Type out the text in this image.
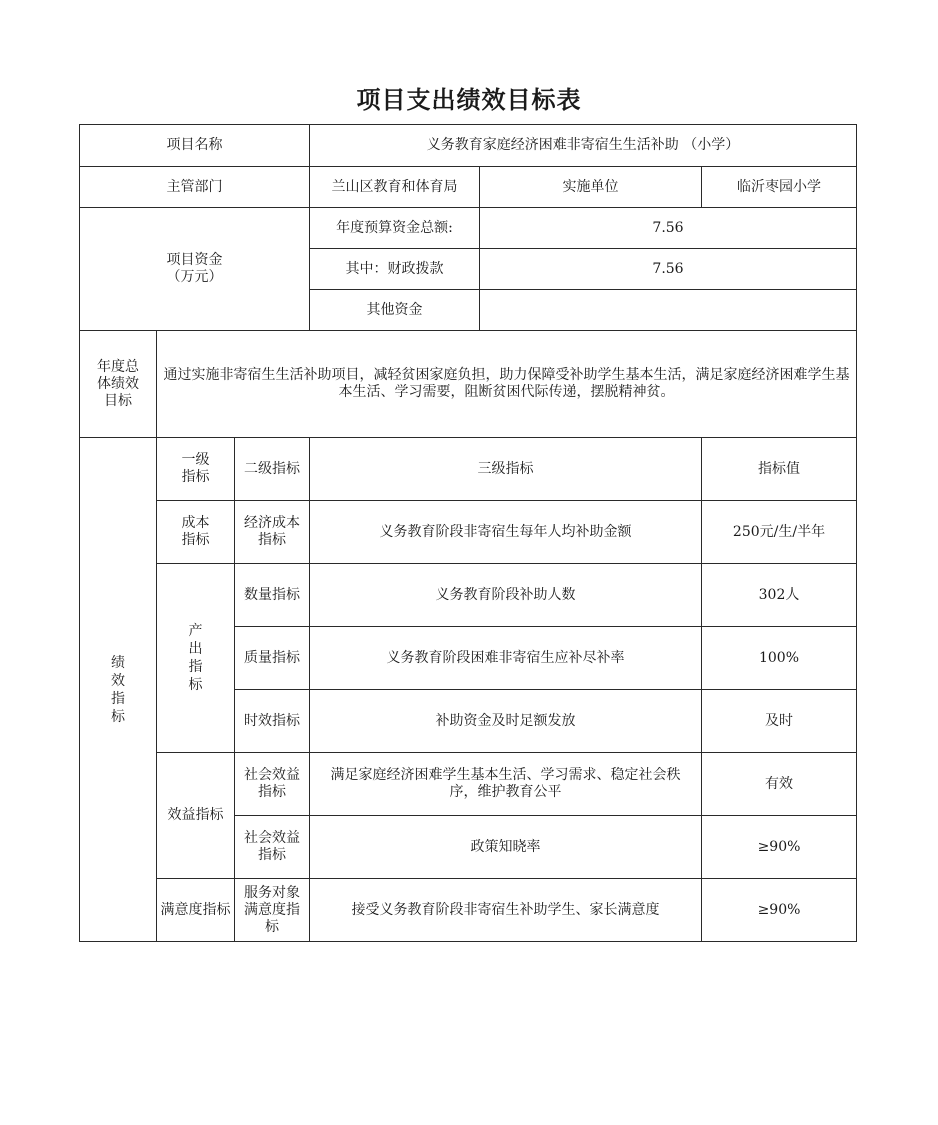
项目支出绩效目标表
项目名称			义务教育家庭经济困难非寄宿生生活补助 （小学）		
主管部门			兰山区教育和体育局	实施单位	临沂枣园小学

项目资金（万元）			年度预算资金总额:	7.56	
			其中：财政拨款	7.56	
			其他资金		

年度总体绩效目标	通过实施非寄宿生生活补助项目，减轻贫困家庭负担，助力保障受补助学生基本生活，满足家庭经济困难学生基本生活、学习需要，阻断贫困代际传递，摆脱精神贫。				
绩效指标	一级指标	二级指标	三级指标		指标值

	成本指标	经济成本指标	义务教育阶段非寄宿生每年人均补助金额		250元/生/半年
	产出指标	数量指标	义务教育阶段补助人数		302人
		质量指标	义务教育阶段困难非寄宿生应补尽补率		100%
		时效指标	补助资金及时足额发放		及时
	效益指标	社会效益指标	满足家庭经济困难学生基本生活、学习需求、稳定社会秩序，维护教育公平		有效

		社会效益指标	政策知晓率		≥90%

	满意度指标	服务对象满意度指标	接受义务教育阶段非寄宿生补助学生、家长满意度		≥90%
